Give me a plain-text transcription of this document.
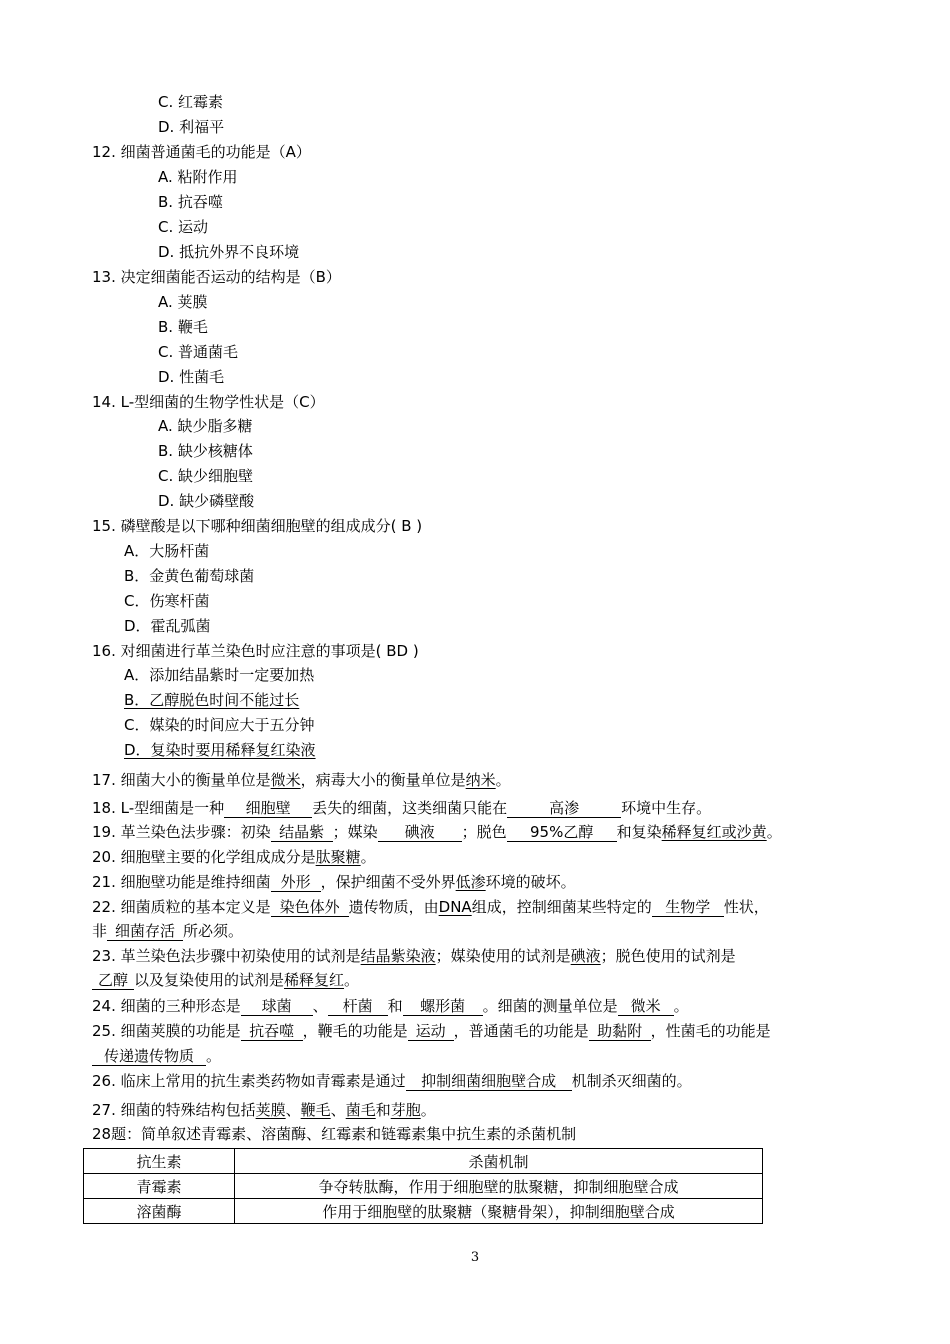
C. 红霉素
D. 利福平
12. 细菌普通菌毛的功能是（A）
A. 粘附作用
B. 抗吞噬
C. 运动
D. 抵抗外界不良环境
13. 决定细菌能否运动的结构是（B）
A. 荚膜
B. 鞭毛
C. 普通菌毛
D. 性菌毛
14. L-型细菌的生物学性状是（C）
A. 缺少脂多糖
B. 缺少核糖体
C. 缺少细胞壁
D. 缺少磷壁酸
15. 磷壁酸是以下哪种细菌细胞壁的组成成分( B )
A．大肠杆菌
B．金黄色葡萄球菌
C．伤寒杆菌
D．霍乱弧菌
16. 对细菌进行革兰染色时应注意的事项是( BD )
A．添加结晶紫时一定要加热
B．乙醇脱色时间不能过长
C．媒染的时间应大于五分钟
D．复染时要用稀释复红染液
17. 细菌大小的衡量单位是微米，病毒大小的衡量单位是纳米。
18. L-型细菌是一种 细胞壁 丢失的细菌，这类细菌只能在	高渗	环境中生存。
19. 革兰染色法步骤：初染 结晶紫 ；媒染 碘液 ；脱色 95%乙醇 和复染稀释复红或沙黄。
20. 细胞壁主要的化学组成成分是肽聚糖。
21. 细胞壁功能是维持细菌 外形 ，保护细菌不受外界低渗环境的破坏。
22. 细菌质粒的基本定义是 染色体外 遗传物质，由DNA组成，控制细菌某些特定的 生物学 性状，
非 细菌存活 所必须。
23. 革兰染色法步骤中初染使用的试剂是结晶紫染液；媒染使用的试剂是碘液；脱色使用的试剂是
乙醇 以及复染使用的试剂是稀释复红。
24. 细菌的三种形态是 球菌 、 杆菌 和 螺形菌 。细菌的测量单位是 微米 。
25. 细菌荚膜的功能是 抗吞噬 ，鞭毛的功能是 运动 ，普通菌毛的功能是 助黏附 ，性菌毛的功能是
传递遗传物质 。
26. 临床上常用的抗生素类药物如青霉素是通过 抑制细菌细胞壁合成 机制杀灭细菌的。
27. 细菌的特殊结构包括荚膜、鞭毛、菌毛和芽胞。
28题：简单叙述青霉素、溶菌酶、红霉素和链霉素集中抗生素的杀菌机制
抗生素	杀菌机制
青霉素	争夺转肽酶，作用于细胞壁的肽聚糖，抑制细胞壁合成
溶菌酶	作用于细胞壁的肽聚糖（聚糖骨架），抑制细胞壁合成
3
